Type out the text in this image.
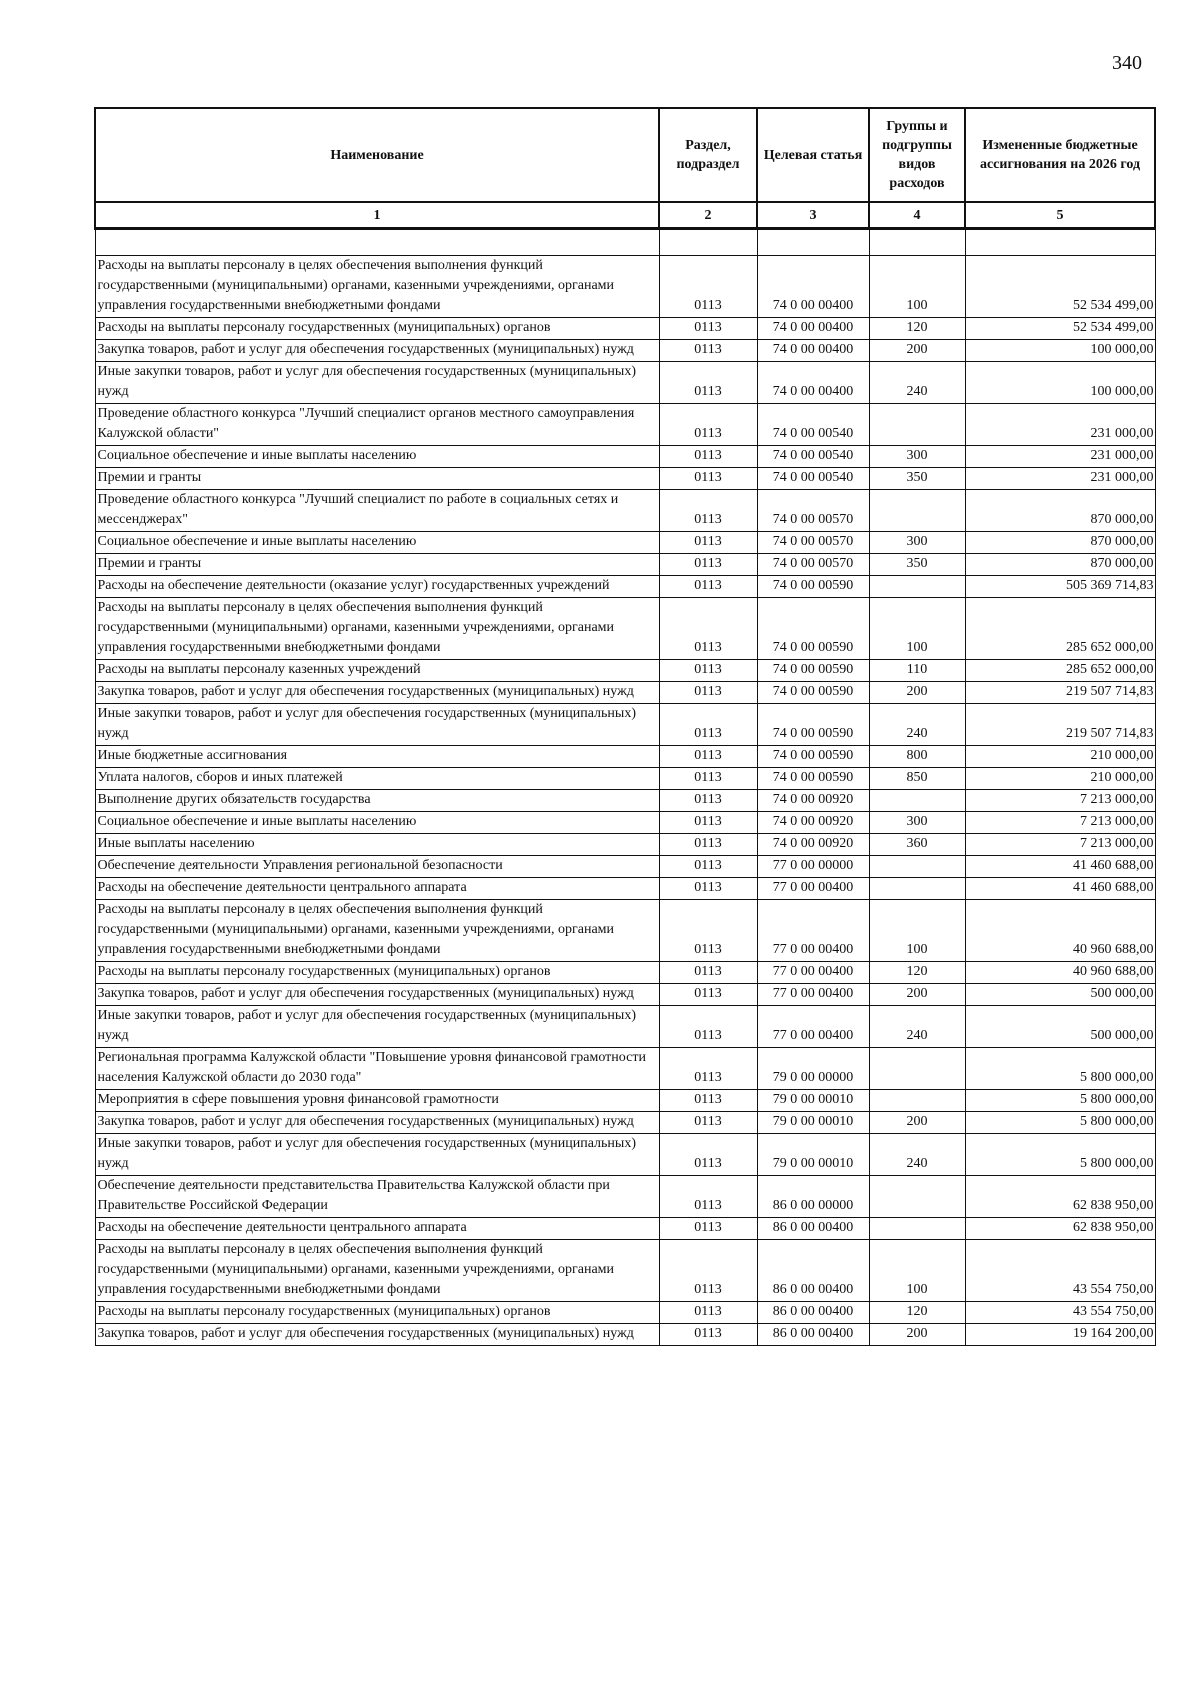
340
Наименование	Раздел, подраздел	Целевая статья	Группы и подгруппы видов расходов	Измененные бюджетные ассигнования на 2026 год
1	2	3	4	5

Расходы на выплаты персоналу в целях обеспечения выполнения функций государственными (муниципальными) органами, казенными учреждениями, органами управления государственными внебюджетными фондами	0113	74 0 00 00400	100	52 534 499,00
Расходы на выплаты персоналу государственных (муниципальных) органов	0113	74 0 00 00400	120	52 534 499,00
Закупка товаров, работ и услуг для обеспечения государственных (муниципальных) нужд	0113	74 0 00 00400	200	100 000,00
Иные закупки товаров, работ и услуг для обеспечения государственных (муниципальных) нужд	0113	74 0 00 00400	240	100 000,00
Проведение областного конкурса "Лучший специалист органов местного самоуправления Калужской области"	0113	74 0 00 00540		231 000,00
Социальное обеспечение и иные выплаты населению	0113	74 0 00 00540	300	231 000,00
Премии и гранты	0113	74 0 00 00540	350	231 000,00
Проведение областного конкурса "Лучший специалист по работе в социальных сетях и мессенджерах"	0113	74 0 00 00570		870 000,00
Социальное обеспечение и иные выплаты населению	0113	74 0 00 00570	300	870 000,00
Премии и гранты	0113	74 0 00 00570	350	870 000,00
Расходы на обеспечение деятельности (оказание услуг) государственных учреждений	0113	74 0 00 00590		505 369 714,83
Расходы на выплаты персоналу в целях обеспечения выполнения функций государственными (муниципальными) органами, казенными учреждениями, органами управления государственными внебюджетными фондами	0113	74 0 00 00590	100	285 652 000,00
Расходы на выплаты персоналу казенных учреждений	0113	74 0 00 00590	110	285 652 000,00
Закупка товаров, работ и услуг для обеспечения государственных (муниципальных) нужд	0113	74 0 00 00590	200	219 507 714,83
Иные закупки товаров, работ и услуг для обеспечения государственных (муниципальных) нужд	0113	74 0 00 00590	240	219 507 714,83
Иные бюджетные ассигнования	0113	74 0 00 00590	800	210 000,00
Уплата налогов, сборов и иных платежей	0113	74 0 00 00590	850	210 000,00
Выполнение других обязательств государства	0113	74 0 00 00920		7 213 000,00
Социальное обеспечение и иные выплаты населению	0113	74 0 00 00920	300	7 213 000,00
Иные выплаты населению	0113	74 0 00 00920	360	7 213 000,00
Обеспечение деятельности Управления региональной безопасности	0113	77 0 00 00000		41 460 688,00
Расходы на обеспечение деятельности центрального аппарата	0113	77 0 00 00400		41 460 688,00
Расходы на выплаты персоналу в целях обеспечения выполнения функций государственными (муниципальными) органами, казенными учреждениями, органами управления государственными внебюджетными фондами	0113	77 0 00 00400	100	40 960 688,00
Расходы на выплаты персоналу государственных (муниципальных) органов	0113	77 0 00 00400	120	40 960 688,00
Закупка товаров, работ и услуг для обеспечения государственных (муниципальных) нужд	0113	77 0 00 00400	200	500 000,00
Иные закупки товаров, работ и услуг для обеспечения государственных (муниципальных) нужд	0113	77 0 00 00400	240	500 000,00
Региональная программа Калужской области "Повышение уровня финансовой грамотности населения Калужской области до 2030 года"	0113	79 0 00 00000		5 800 000,00
Мероприятия в сфере повышения уровня финансовой грамотности	0113	79 0 00 00010		5 800 000,00
Закупка товаров, работ и услуг для обеспечения государственных (муниципальных) нужд	0113	79 0 00 00010	200	5 800 000,00
Иные закупки товаров, работ и услуг для обеспечения государственных (муниципальных) нужд	0113	79 0 00 00010	240	5 800 000,00
Обеспечение деятельности представительства Правительства Калужской области при Правительстве Российской Федерации	0113	86 0 00 00000		62 838 950,00
Расходы на обеспечение деятельности центрального аппарата	0113	86 0 00 00400		62 838 950,00
Расходы на выплаты персоналу в целях обеспечения выполнения функций государственными (муниципальными) органами, казенными учреждениями, органами управления государственными внебюджетными фондами	0113	86 0 00 00400	100	43 554 750,00
Расходы на выплаты персоналу государственных (муниципальных) органов	0113	86 0 00 00400	120	43 554 750,00
Закупка товаров, работ и услуг для обеспечения государственных (муниципальных) нужд	0113	86 0 00 00400	200	19 164 200,00
